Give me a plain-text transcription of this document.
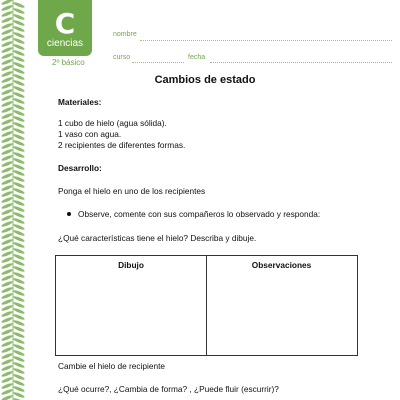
C
ciencias
2º básico
nombre
curso	fecha
Cambios de estado
Materiales:
1 cubo de hielo (agua sólida).
1 vaso con agua.
2 recipientes de diferentes formas.
Desarrollo:
Ponga el hielo en uno de los recipientes
Observe, comente con sus compañeros lo observado y responda:
¿Qué características tiene el hielo? Describa y dibuje.
Dibujo	Observaciones
Cambie el hielo de recipiente
¿Qué ocurre?, ¿Cambia de forma? , ¿Puede fluir (escurrir)?
